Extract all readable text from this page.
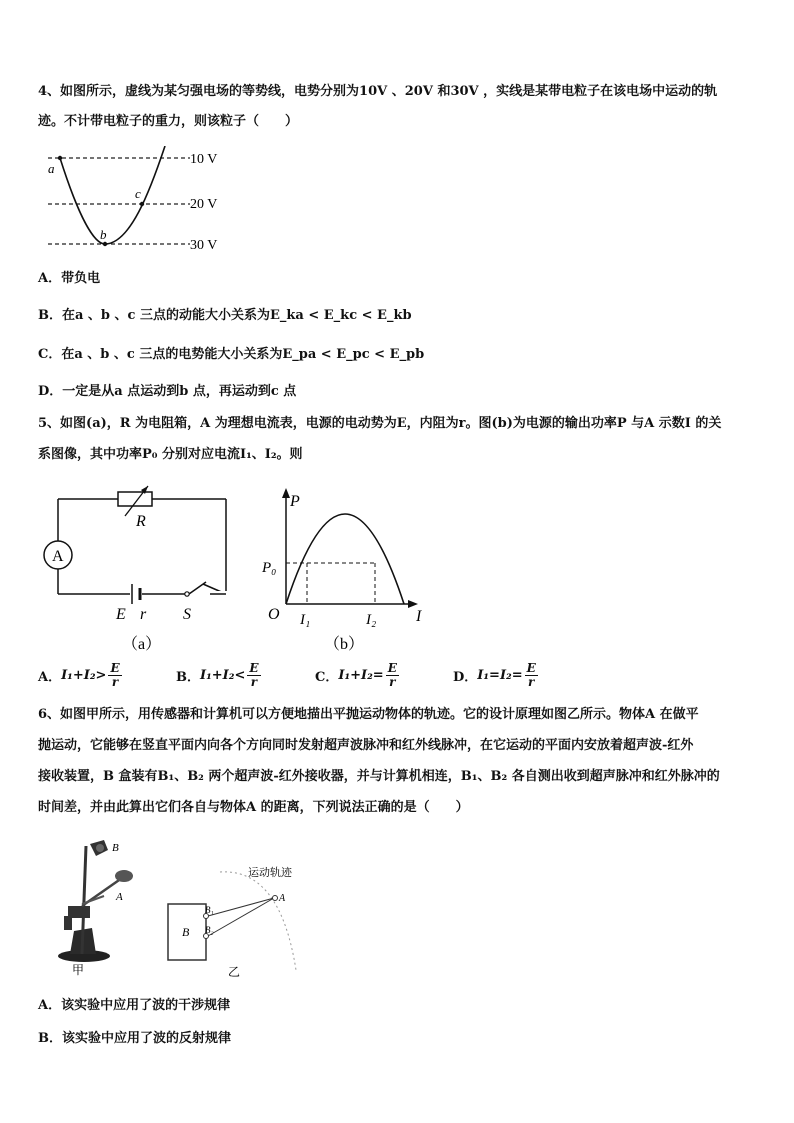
4、如图所示，虚线为某匀强电场的等势线，电势分别为10V 、20V 和30V ，实线是某带电粒子在该电场中运动的轨
迹。不计带电粒子的重力，则该粒子（　　）
10 V
20 V
30 V
a
b
c
A．带负电
B．在a 、b 、c 三点的动能大小关系为E_ka < E_kc < E_kb
C．在a 、b 、c 三点的电势能大小关系为E_pa < E_pc < E_pb
D．一定是从a 点运动到b 点，再运动到c 点
5、如图(a)，R 为电阻箱，A 为理想电流表，电源的电动势为E，内阻为r。图(b)为电源的输出功率P 与A 示数I 的关
系图像，其中功率P₀ 分别对应电流I₁、I₂。则
A
R
E r S
（a）
P
P₀
O I₁	I₂ I
（b）
A． $I_1+I_2> \frac{E}{r}$	B． $I_1+I_2< \frac{E}{r}$	C． $I_1+I_2= \frac{E}{r}$	D． $I_1=I_2= \frac{E}{r}$
6、如图甲所示，用传感器和计算机可以方便地描出平抛运动物体的轨迹。它的设计原理如图乙所示。物体A 在做平
抛运动，它能够在竖直平面内向各个方向同时发射超声波脉冲和红外线脉冲，在它运动的平面内安放着超声波-红外
接收装置，B 盒装有B₁、B₂ 两个超声波-红外接收器，并与计算机相连，B₁、B₂ 各自测出收到超声脉冲和红外脉冲的
时间差，并由此算出它们各自与物体A 的距离，下列说法正确的是（　　）
B
A
甲
运动轨迹
B
B₁
B₂
A
乙
A．该实验中应用了波的干涉规律
B．该实验中应用了波的反射规律
